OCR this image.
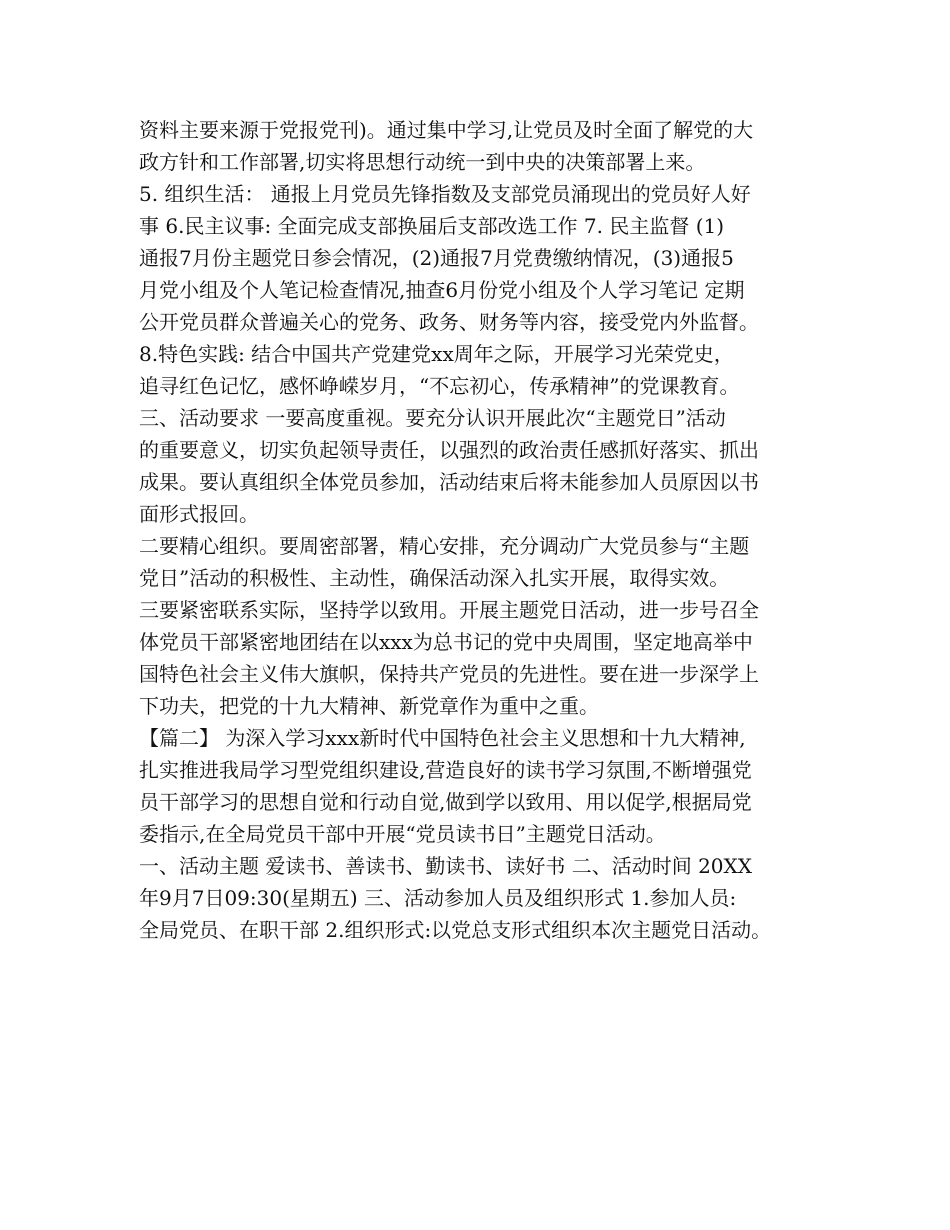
资料主要来源于党报党刊)。通过集中学习,让党员及时全面了解党的大
政方针和工作部署,切实将思想行动统一到中央的决策部署上来。
5. 组织生活： 通报上月党员先锋指数及支部党员涌现出的党员好人好
事 6.民主议事: 全面完成支部换届后支部改选工作 7. 民主监督 (1)
通报7月份主题党日参会情况，(2)通报7月党费缴纳情况，(3)通报5
月党小组及个人笔记检查情况,抽查6月份党小组及个人学习笔记 定期
公开党员群众普遍关心的党务、政务、财务等内容，接受党内外监督。
8.特色实践: 结合中国共产党建党xx周年之际，开展学习光荣党史，
追寻红色记忆，感怀峥嵘岁月，“不忘初心，传承精神”的党课教育。
三、活动要求 一要高度重视。要充分认识开展此次“主题党日”活动
的重要意义，切实负起领导责任，以强烈的政治责任感抓好落实、抓出
成果。要认真组织全体党员参加，活动结束后将未能参加人员原因以书
面形式报回。
二要精心组织。要周密部署，精心安排，充分调动广大党员参与“主题
党日”活动的积极性、主动性，确保活动深入扎实开展，取得实效。
三要紧密联系实际，坚持学以致用。开展主题党日活动，进一步号召全
体党员干部紧密地团结在以xxx为总书记的党中央周围，坚定地高举中
国特色社会主义伟大旗帜，保持共产党员的先进性。要在进一步深学上
下功夫，把党的十九大精神、新党章作为重中之重。
【篇二】 为深入学习xxx新时代中国特色社会主义思想和十九大精神,
扎实推进我局学习型党组织建设,营造良好的读书学习氛围,不断增强党
员干部学习的思想自觉和行动自觉,做到学以致用、用以促学,根据局党
委指示,在全局党员干部中开展“党员读书日”主题党日活动。
一、活动主题 爱读书、善读书、勤读书、读好书 二、活动时间 20XX
年9月7日09:30(星期五) 三、活动参加人员及组织形式 1.参加人员:
全局党员、在职干部 2.组织形式:以党总支形式组织本次主题党日活动。
